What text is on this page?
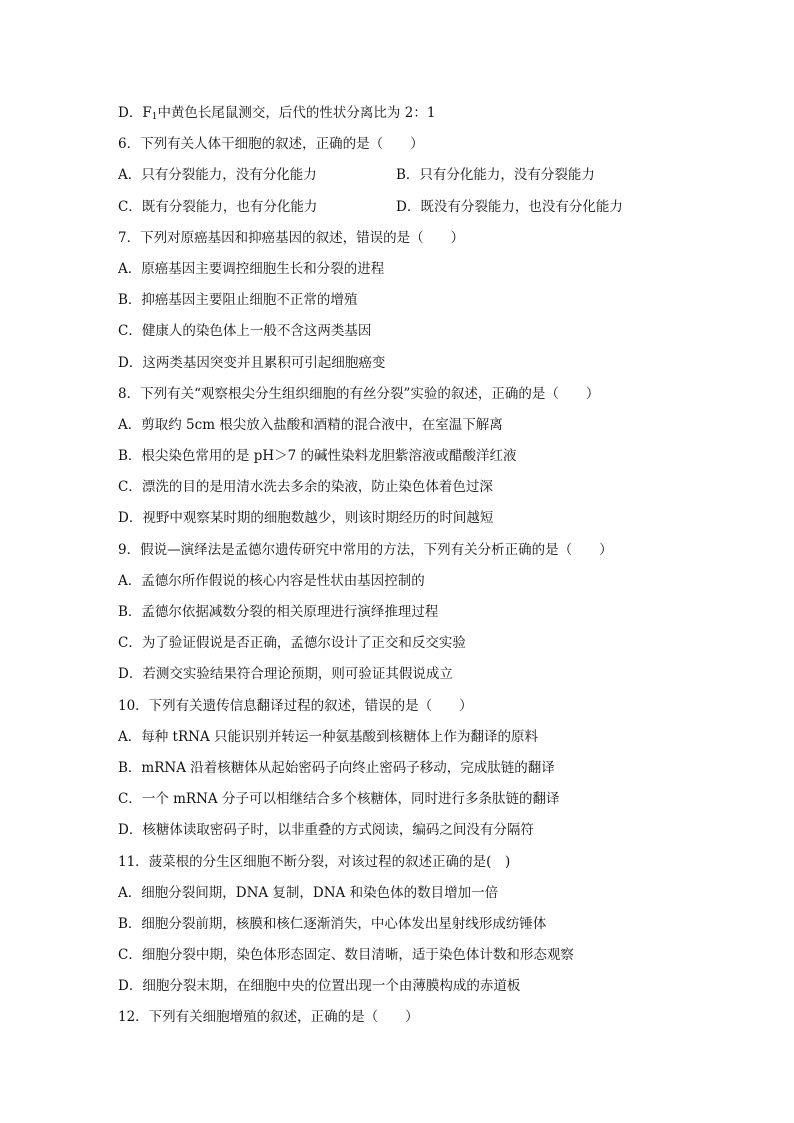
D．$F_1$中黄色长尾鼠测交，后代的性状分离比为 2：1
6．下列有关人体干细胞的叙述，正确的是（　　）
A．只有分裂能力，没有分化能力	B．只有分化能力，没有分裂能力
C．既有分裂能力，也有分化能力	D．既没有分裂能力，也没有分化能力
7．下列对原癌基因和抑癌基因的叙述，错误的是（　　）
A．原癌基因主要调控细胞生长和分裂的进程
B．抑癌基因主要阻止细胞不正常的增殖
C．健康人的染色体上一般不含这两类基因
D．这两类基因突变并且累积可引起细胞癌变
8．下列有关“观察根尖分生组织细胞的有丝分裂”实验的叙述，正确的是（　　）
A．剪取约 5cm 根尖放入盐酸和酒精的混合液中，在室温下解离
B．根尖染色常用的是 pH＞7 的碱性染料龙胆紫溶液或醋酸洋红液
C．漂洗的目的是用清水洗去多余的染液，防止染色体着色过深
D．视野中观察某时期的细胞数越少，则该时期经历的时间越短
9．假说—演绎法是孟德尔遗传研究中常用的方法，下列有关分析正确的是（　　）
A．孟德尔所作假说的核心内容是性状由基因控制的
B．孟德尔依据减数分裂的相关原理进行演绎推理过程
C．为了验证假说是否正确，孟德尔设计了正交和反交实验
D．若测交实验结果符合理论预期，则可验证其假说成立
10．下列有关遗传信息翻译过程的叙述，错误的是（　　）
A．每种 tRNA 只能识别并转运一种氨基酸到核糖体上作为翻译的原料
B．mRNA 沿着核糖体从起始密码子向终止密码子移动，完成肽链的翻译
C．一个 mRNA 分子可以相继结合多个核糖体，同时进行多条肽链的翻译
D．核糖体读取密码子时，以非重叠的方式阅读，编码之间没有分隔符
11．菠菜根的分生区细胞不断分裂，对该过程的叙述正确的是(　)
A．细胞分裂间期，DNA 复制，DNA 和染色体的数目增加一倍
B．细胞分裂前期，核膜和核仁逐渐消失，中心体发出星射线形成纺锤体
C．细胞分裂中期，染色体形态固定、数目清晰，适于染色体计数和形态观察
D．细胞分裂末期，在细胞中央的位置出现一个由薄膜构成的赤道板
12．下列有关细胞增殖的叙述，正确的是（　　）
